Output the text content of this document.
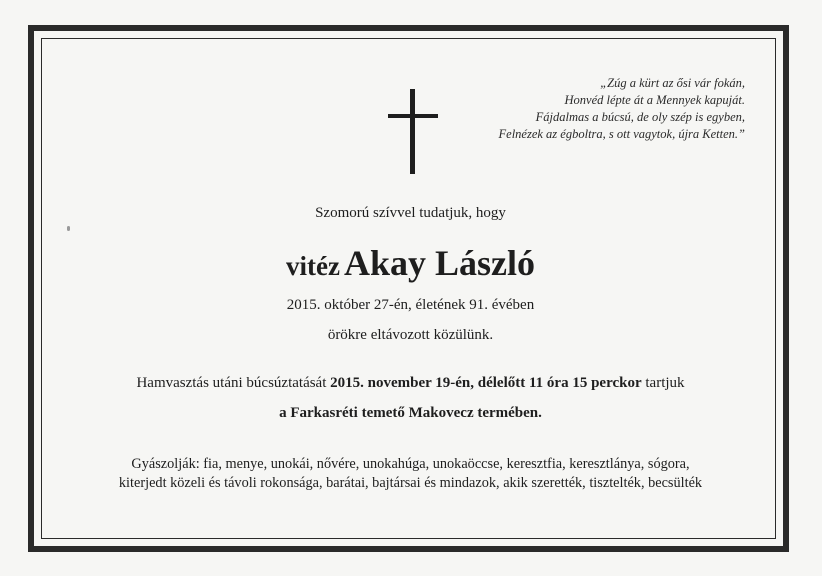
„Zúg a kürt az ősi vár fokán,
Honvéd lépte át a Mennyek kapuját.
Fájdalmas a búcsú, de oly szép is egyben,
Felnézek az égboltra, s ott vagytok, újra Ketten.”
Szomorú szívvel tudatjuk, hogy
vitéz Akay László
2015. október 27-én, életének 91. évében
örökre eltávozott közülünk.
Hamvasztás utáni búcsúztatását 2015. november 19-én, délelőtt 11 óra 15 perckor tartjuk
a Farkasréti temető Makovecz termében.
Gyászolják: fia, menye, unokái, nővére, unokahúga, unokaöccse, keresztfia, keresztlánya, sógora,
kiterjedt közeli és távoli rokonsága, barátai, bajtársai és mindazok, akik szerették, tisztelték, becsülték
